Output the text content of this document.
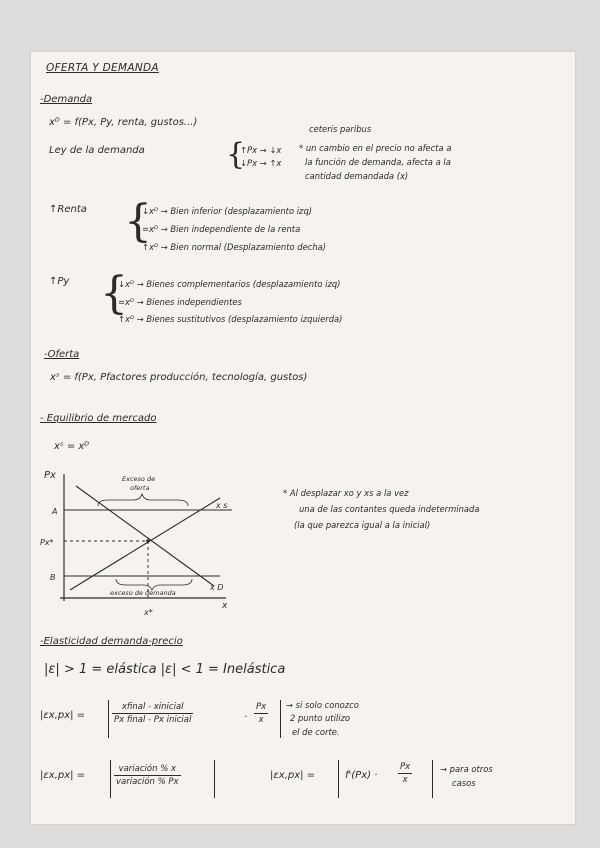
OFERTA Y DEMANDA
-Demanda
xᴰ = f(Px, Py, renta, gustos...)
ceteris paribus
Ley de la demanda	{
↑Px → ↓x
↓Px → ↑x
* un cambio en el precio no afecta a
la función de demanda, afecta a la
cantidad demandada (x)
↑Renta {
↓xᴰ → Bien inferior (desplazamiento izq)
=xᴰ → Bien independiente de la renta
↑xᴰ → Bien normal (Desplazamiento decha)
↑Py {
↓xᴰ → Bienes complementarios (desplazamiento izq)
=xᴰ → Bienes independientes
↑xᴰ → Bienes sustitutivos (desplazamiento izquierda)
-Oferta
xˢ = f(Px, Pfactores producción, tecnología, gustos)
- Equilibrio de mercado
xˢ = xᴰ
Px
A
Px*
B
x*
x
x s
x D
Exceso de
oferta
exceso de demanda
* Al desplazar xo y xs a la vez
una de las contantes queda indeterminada
(la que parezca igual a la inicial)
-Elasticidad demanda-precio
|ε| > 1 = elástica |ε| < 1 = Inelástica
|εx,px| =
xfinal - xinicial
Px final - Px inicial	· $\frac{Px}{x}$ → si solo conozco
2 punto utilizo
el de corte.
|εx,px| =
variación % x
variación % Px
|εx,px| =	$f'(Px) \cdot \frac{Px}{x}$	→ para otros
casos
